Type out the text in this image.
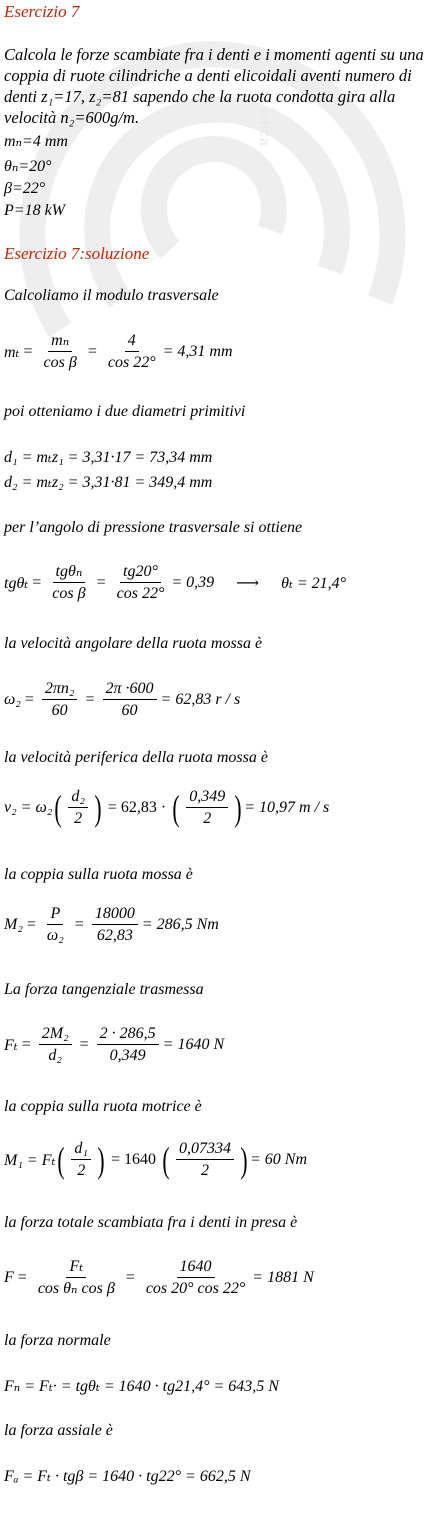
cnica
Esercizio 7
Calcola le forze scambiate fra i denti e i momenti agenti su una coppia di ruote cilindriche a denti elicoidali aventi numero di denti z₁=17, z₂=81 sapendo che la ruota condotta gira alla velocità n₂=600g/m.
mₙ=4 mm
θₙ=20°
β=22°
P=18 kW
Esercizio 7:soluzione
Calcoliamo il modulo trasversale
$m_t = \frac{\text{mₙ}}{\text{cos β}} = \frac{4}{\cos 22^\circ} = 4,31$ mm
poi otteniamo i due diametri primitivi
d₁ = mₜz₁ = 3,31·17 = 73,34 mm
d₂ = mₜz₂ = 3,31·81 = 349,4 mm
per l’angolo di pressione trasversale si ottiene
$tg\theta_t = \frac{\text{tgθₙ}}{\text{cos β}} = \frac{tg20^\circ}{\cos 22^\circ} = 0,39$ ⟶ θₜ = 21,4°
la velocità angolare della ruota mossa è
$\omega_2 = \frac{\text{2πn₂}}{60} = \frac{2\pi \cdot 600}{60} = 62,83$ r / s
la velocità periferica della ruota mossa è
v₂ = ω₂ ( $\frac{\text{d₂}}{2}$ ) = 62,83 · ( $\frac{0,349}{2}$ ) = 10,97 m / s
la coppia sulla ruota mossa è
$M_2 = \frac{P}{\text{ω₂}} = \frac{18000}{62,83} = 286,5$ Nm
La forza tangenziale trasmessa
$F_t = \frac{\text{2M₂}}{\text{d₂}} = \frac{2 \cdot 286,5}{0,349} = 1640$ N
la coppia sulla ruota motrice è
M₁ = Fₜ ( $\frac{\text{d₁}}{2}$ ) = 1640 ( $\frac{0,07334}{2}$ ) = 60 Nm
la forza totale scambiata fra i denti in presa è
$F = \frac{\text{Fₜ}}{\text{cos θₙ cos β}} = \frac{1640}{\cos 20^\circ \cos 22^\circ} = 1881$ N
la forza normale
Fₙ = Fₜ· = tgθₜ = 1640 · tg21,4° = 643,5 N
la forza assiale è
Fₐ = Fₜ · tgβ = 1640 · tg22° = 662,5 N
